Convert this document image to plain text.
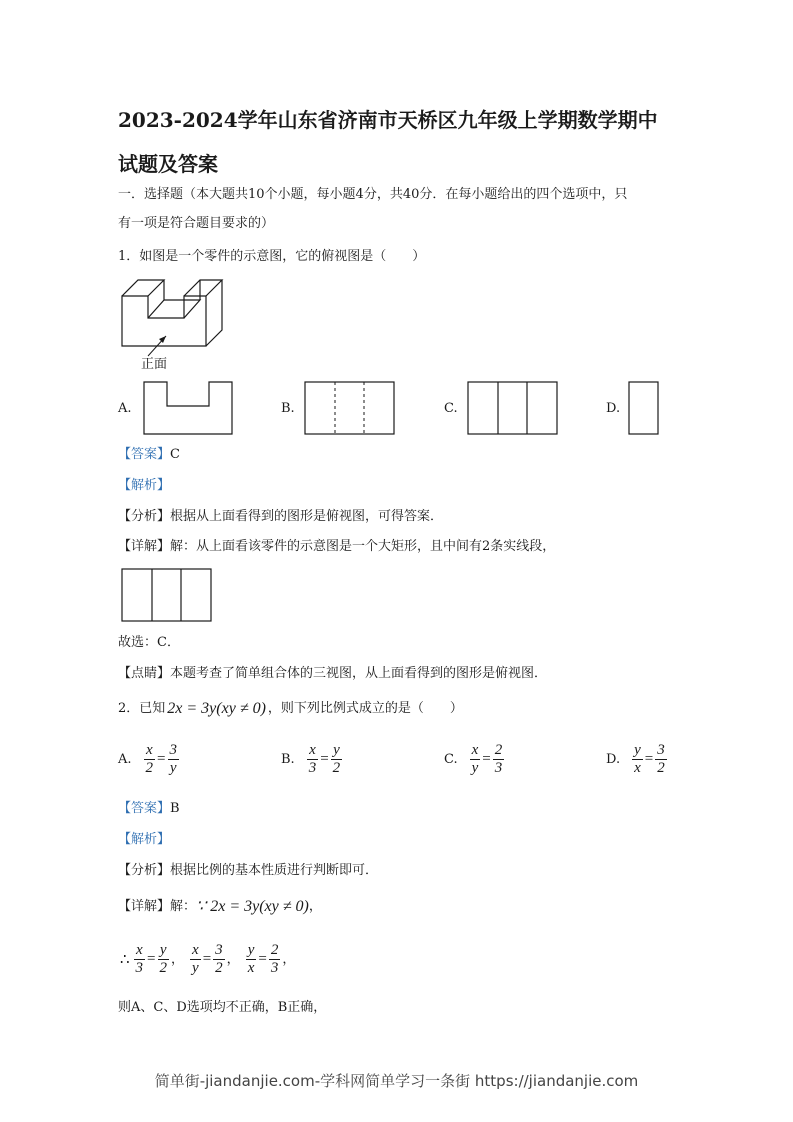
2023-2024学年山东省济南市天桥区九年级上学期数学期中
试题及答案
一．选择题（本大题共10个小题，每小题4分，共40分．在每小题给出的四个选项中，只
有一项是符合题目要求的）
1．如图是一个零件的示意图，它的俯视图是（　　）
正面
A.	B.	C.	D.
【答案】C
【解析】
【分析】根据从上面看得到的图形是俯视图，可得答案．
【详解】解：从上面看该零件的示意图是一个大矩形，且中间有2条实线段，
故选：C．
【点睛】本题考查了简单组合体的三视图，从上面看得到的图形是俯视图．
2．已知 2x = 3y(xy ≠ 0) ，则下列比例式成立的是（　　）
A. $\frac{x}{2} = \frac{3}{y}$	B. $\frac{x}{3} = \frac{y}{2}$	C. $\frac{x}{y} = \frac{2}{3}$	D. $\frac{y}{x} = \frac{3}{2}$
【答案】B
【解析】
【分析】根据比例的基本性质进行判断即可．
【详解】 解： ∵ 2x = 3y(xy ≠ 0) ，
∴ $\frac{x}{3} = \frac{y}{2}$ ， $\frac{x}{y} = \frac{3}{2}$ ， $\frac{y}{x} = \frac{2}{3}$ ，
则A、C、D选项均不正确，B正确，
简单街-jiandanjie.com-学科网简单学习一条街 https://jiandanjie.com
